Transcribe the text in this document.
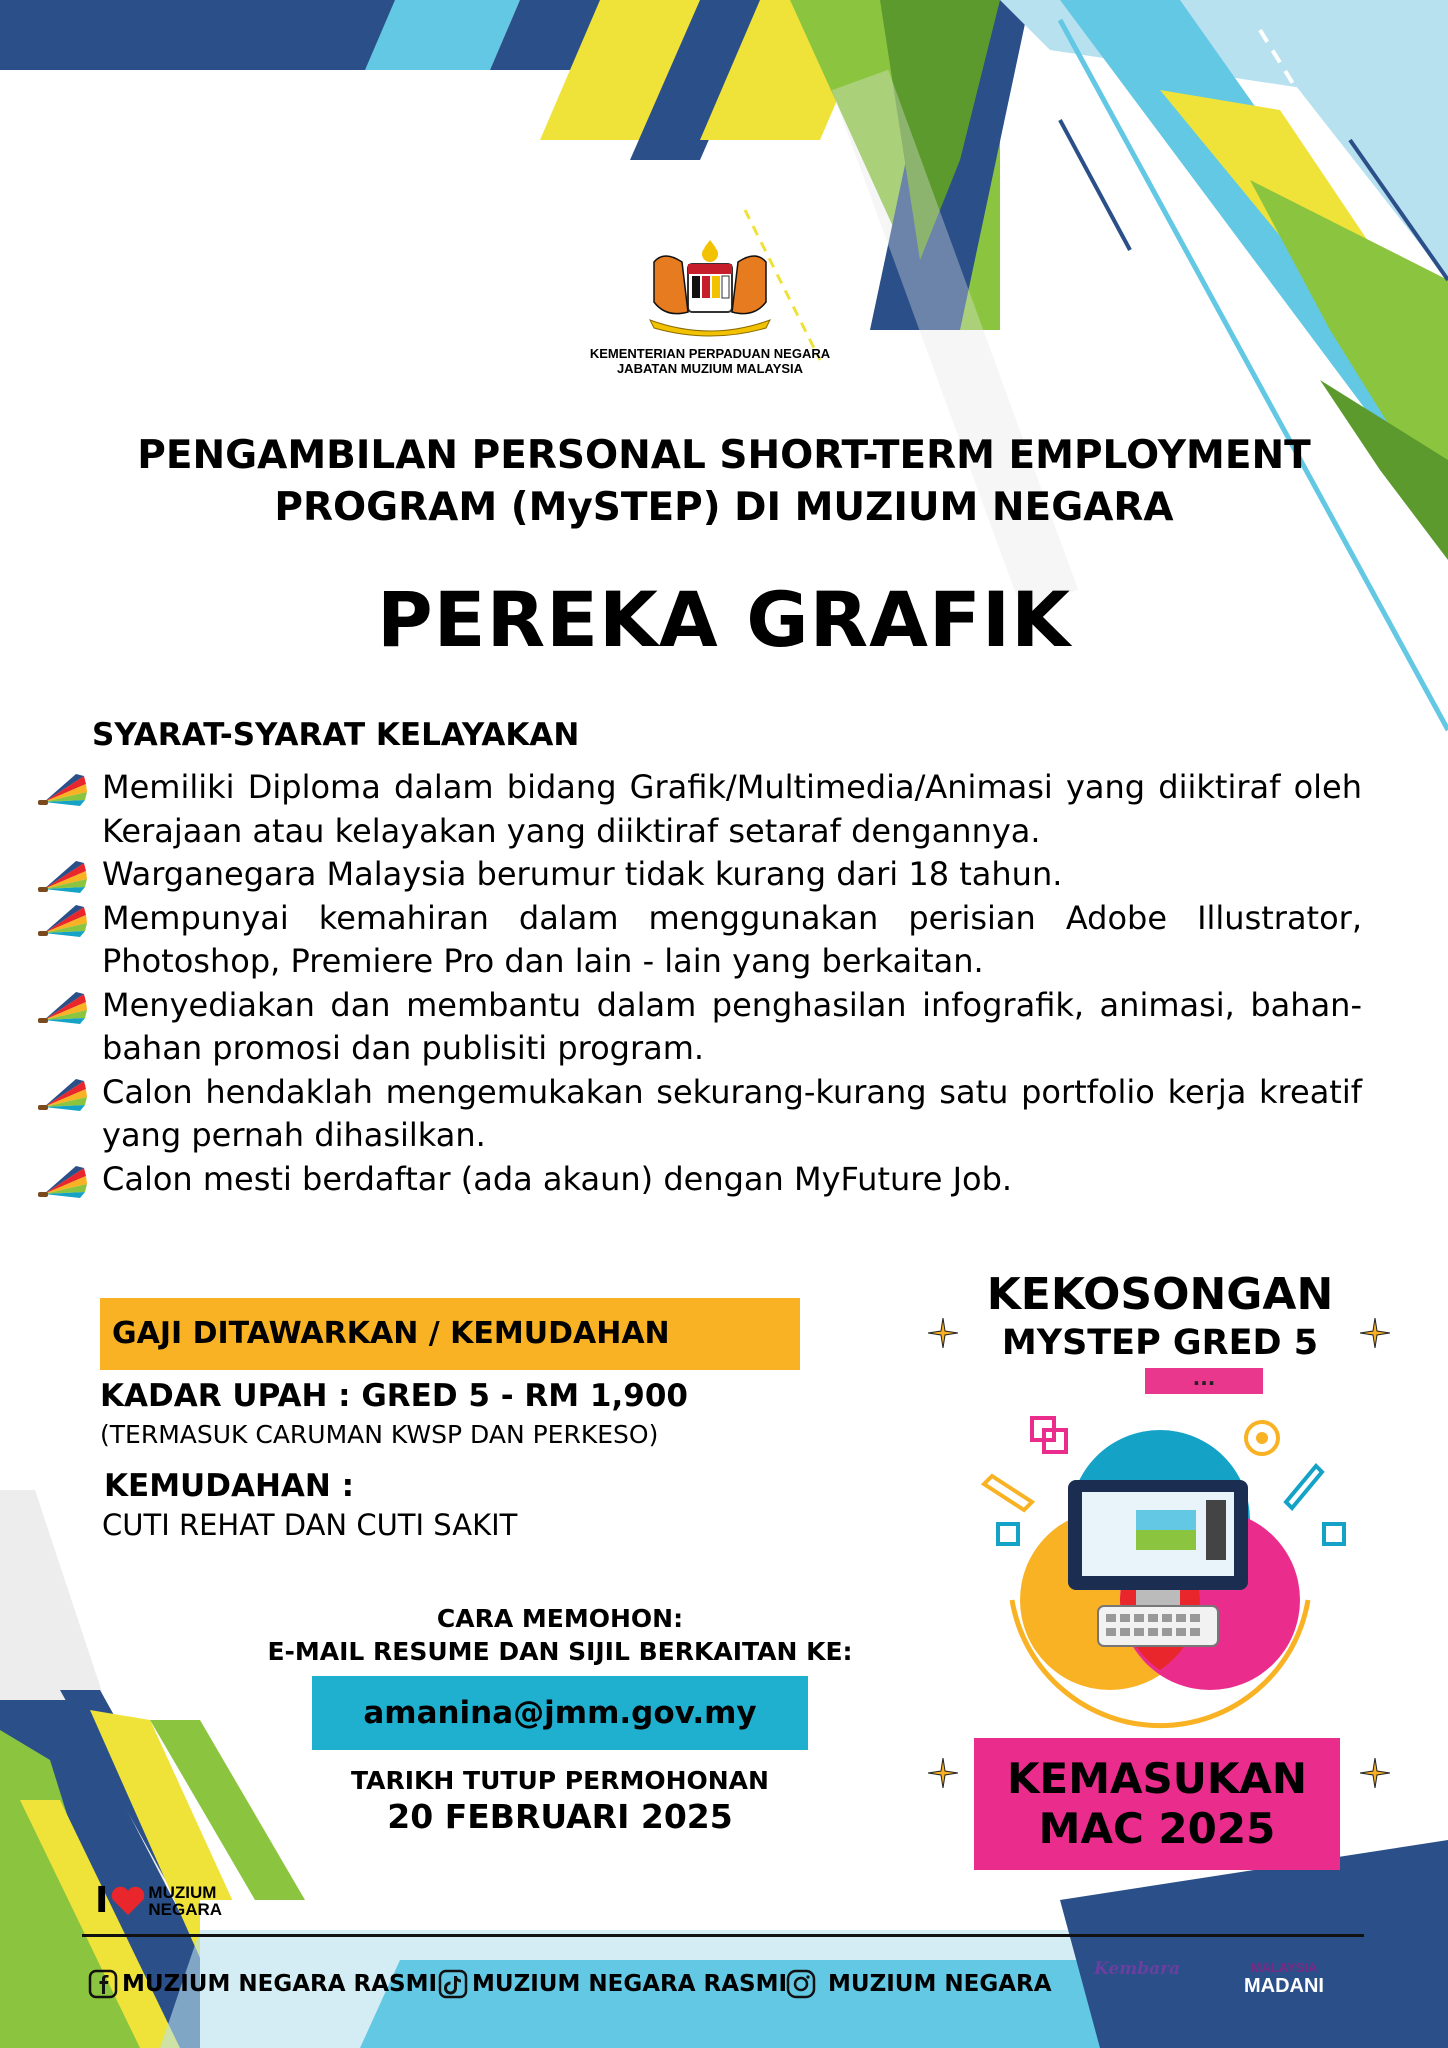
KEMENTERIAN PERPADUAN NEGARA
JABATAN MUZIUM MALAYSIA
PENGAMBILAN PERSONAL SHORT-TERM EMPLOYMENT
PROGRAM (MySTEP) DI MUZIUM NEGARA
PEREKA GRAFIK
SYARAT-SYARAT KELAYAKAN
Memiliki Diploma dalam bidang Grafik/Multimedia/Animasi yang diiktiraf oleh Kerajaan atau kelayakan yang diiktiraf setaraf dengannya.
Warganegara Malaysia berumur tidak kurang dari 18 tahun.
Mempunyai kemahiran dalam menggunakan perisian Adobe Illustrator, Photoshop, Premiere Pro dan lain - lain yang berkaitan.
Menyediakan dan membantu dalam penghasilan infografik, animasi, bahan-bahan promosi dan publisiti program.
Calon hendaklah mengemukakan sekurang-kurang satu portfolio kerja kreatif yang pernah dihasilkan.
Calon mesti berdaftar (ada akaun) dengan MyFuture Job.
GAJI DITAWARKAN / KEMUDAHAN
KADAR UPAH : GRED 5 - RM 1,900
(TERMASUK CARUMAN KWSP DAN PERKESO)
KEMUDAHAN :
CUTI REHAT DAN CUTI SAKIT
CARA MEMOHON:
E-MAIL RESUME DAN SIJIL BERKAITAN KE:
amanina@jmm.gov.my
TARIKH TUTUP PERMOHONAN
20 FEBRUARI 2025
KEKOSONGAN
MYSTEP GRED 5
...
KEMASUKAN
MAC 2025
I MUZIUM
NEGARA
MUZIUM NEGARA RASMI MUZIUM NEGARA RASMI MUZIUM NEGARA
Kembara
PERPADUAN
MALAYSIA
MADANI
